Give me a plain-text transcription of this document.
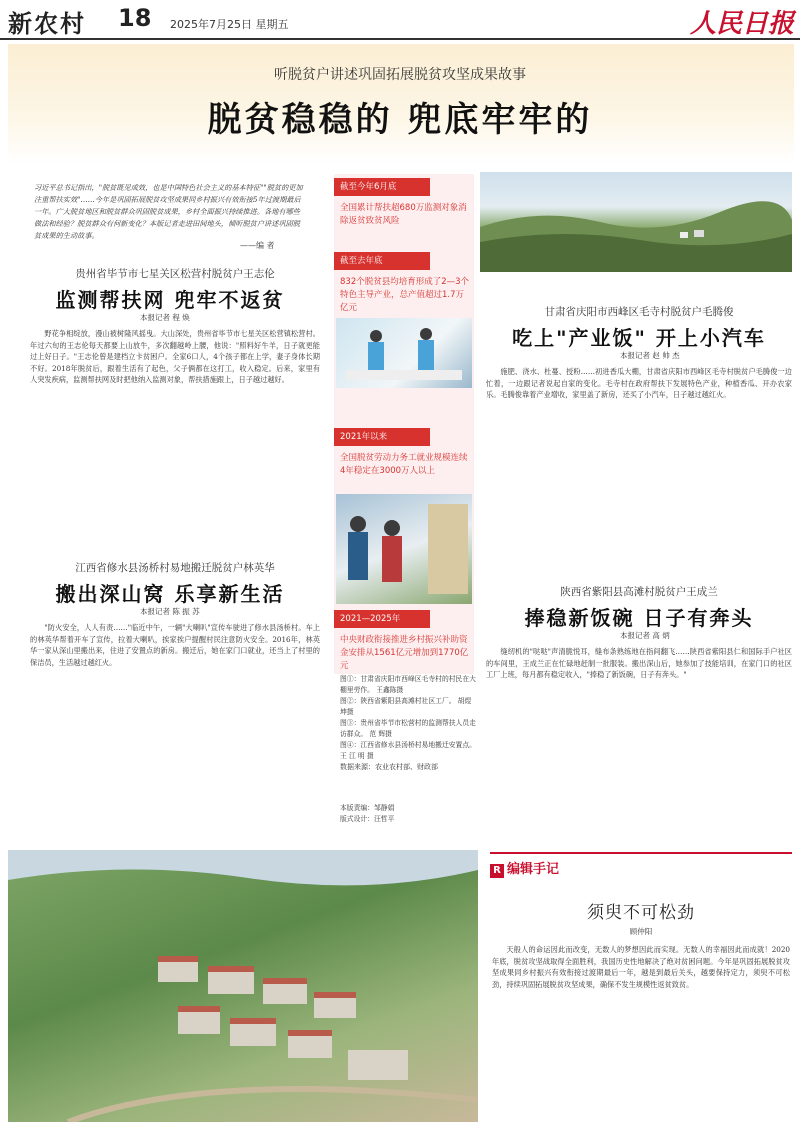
新农村 18 2025年7月25日 星期五	人民日报
听脱贫户讲述巩固拓展脱贫攻坚成果故事
脱贫稳稳的 兜底牢牢的
习近平总书记指出，"脱贫既见成效，也是中国特色社会主义的基本特征""脱贫的更加注重帮扶实效"……今年是巩固拓展脱贫攻坚成果同乡村振兴有效衔接5年过渡期最后一年。广大脱贫地区和脱贫群众巩固脱贫成果，乡村全面振兴持续推进。各地有哪些做法和经验？脱贫群众有何新变化？本版记者走进田间地头，倾听脱贫户讲述巩固脱贫成果的生动故事。
——编 者
截至今年6月底
全国累计帮扶超680万监测对象消除返贫致贫风险
截至去年底
832个脱贫县均培育形成了2—3个特色主导产业，总产值超过1.7万亿元
2021年以来
全国脱贫劳动力务工就业规模连续4年稳定在3000万人以上
2021—2025年
中央财政衔接推进乡村振兴补助资金安排从1561亿元增加到1770亿元
贵州省毕节市七星关区松营村脱贫户王志伦
监测帮扶网 兜牢不返贫
本报记者 程 焕

野花争相绽放，漫山被树隆风摇曳。大山深处，贵州省毕节市七星关区松营镇松营村。年过六旬的王志伦每天都要上山放牛，多次翻越岭上腰，他说："照料好牛羊，日子就更能过上好日子。"王志伦曾是建档立卡贫困户。全家6口人，4个孩子都在上学，妻子身体长期不好。2018年脱贫后，跟着生活有了起色，父子俩都在这打工，收入稳定。后来，家里有人突发疾病，监测帮扶网及时把他纳入监测对象，帮扶措施跟上，日子越过越好。

江西省修水县汤桥村易地搬迁脱贫户林英华
搬出深山窝 乐享新生活
本报记者 陈 振 苏

"防火安全，人人有责……"临近中午，一辆"大喇叭"宣传车驶进了修水县汤桥村。车上的林英华帮着开车了宣传，拉着大喇叭，挨家挨户提醒村民注意防火安全。2016年，林英华一家从深山里搬出来，住进了安置点的新房。搬迁后，她在家门口就业，还当上了村里的保洁员，生活越过越红火。

甘肃省庆阳市西峰区毛寺村脱贫户毛腾俊
吃上"产业饭" 开上小汽车
本报记者 赵 帅 杰

施肥、浇水、杜蔓、授粉……初进香瓜大棚，甘肃省庆阳市西峰区毛寺村脱贫户毛腾俊一边忙着，一边跟记者说起自家的变化。毛寺村在政府帮扶下发展特色产业，种植香瓜、开办农家乐。毛腾俊靠着产业增收，家里盖了新房，还买了小汽车，日子越过越红火。

陕西省紫阳县高滩村脱贫户王成兰
捧稳新饭碗 日子有奔头
本报记者 高 炳

缝纫机的"哒哒"声清脆悦耳，缝布条熟练地在指间翻飞……陕西省紫阳县仁和国际手户社区的车间里，王成兰正在忙碌地赶制一批服装。搬出深山后，她参加了技能培训，在家门口的社区工厂上班，每月都有稳定收入，"捧稳了新饭碗，日子有奔头。"

图①：甘肃省庆阳市西峰区毛寺村的村民在大棚里劳作。 王鑫陈摄
图②：陕西省紫阳县高滩村社区工厂。 胡煜坤摄
图③：贵州省毕节市松营村的监测帮扶人员走访群众。 范 辉摄
图④：江西省修水县汤桥村易地搬迁安置点。 王 江 明 摄
数据来源：农业农村部、财政部
本版责编：邹静娟
版式设计：汪哲平
R 编辑手记
须臾不可松劲
顾仲阳

天般人的命运因此而改变，无数人的梦想因此而实现。无数人的幸福因此而成就！2020年底，脱贫攻坚战取得全面胜利，我国历史性地解决了绝对贫困问题。今年是巩固拓展脱贫攻坚成果同乡村振兴有效衔接过渡期最后一年，越是到最后关头，越要保持定力，须臾不可松劲，持续巩固拓展脱贫攻坚成果，确保不发生规模性返贫致贫。
